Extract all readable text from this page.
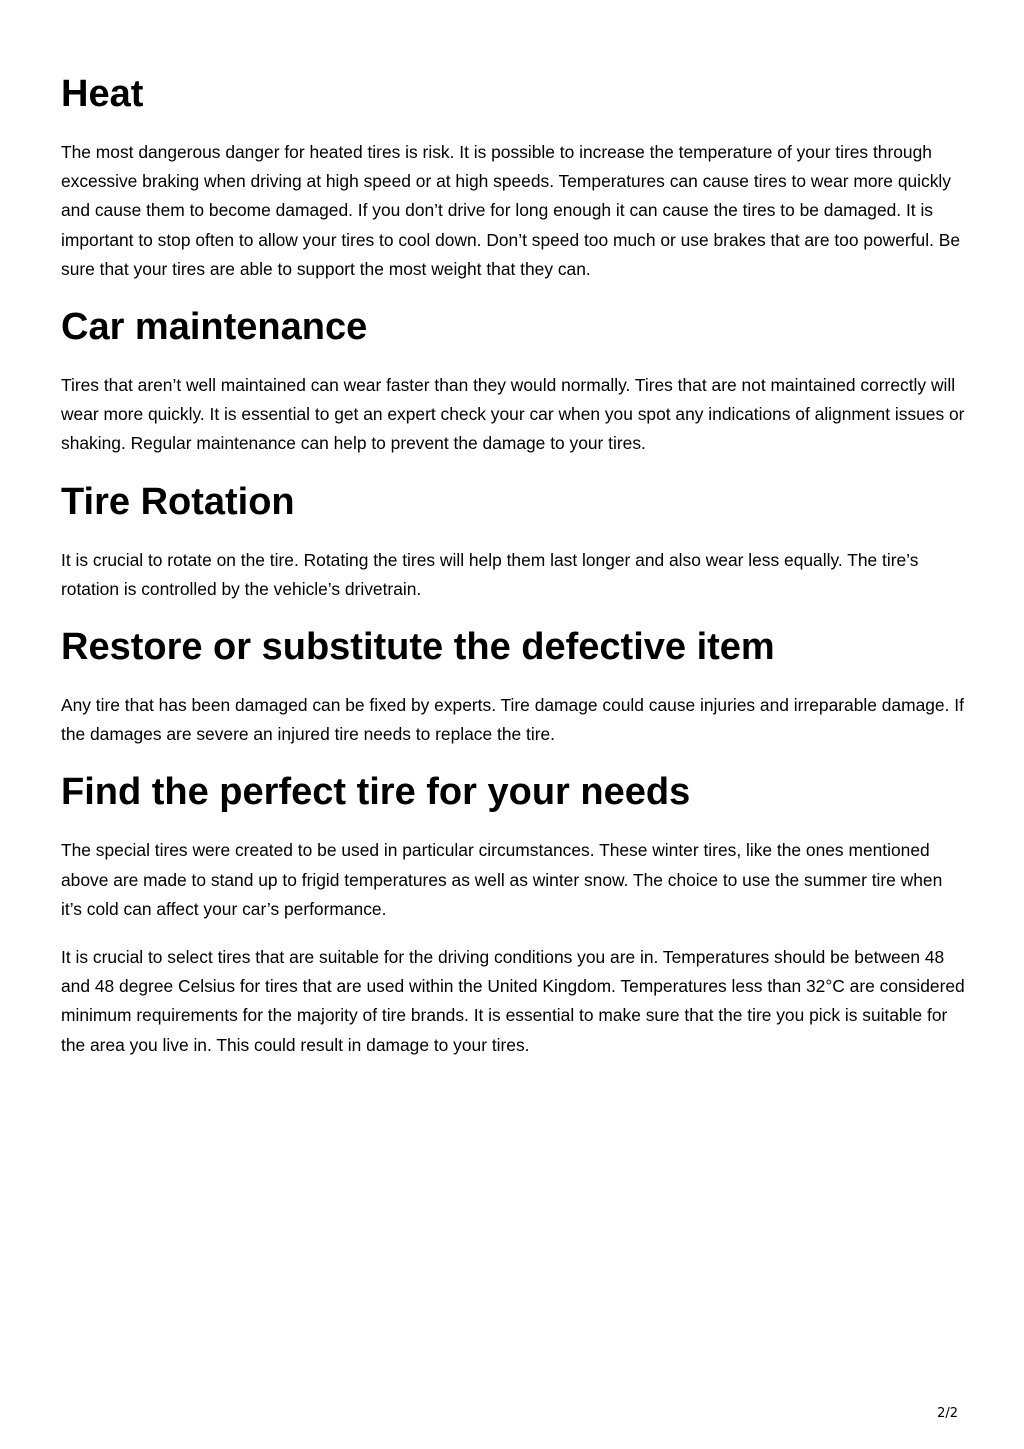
Heat

The most dangerous danger for heated tires is risk. It is possible to increase the temperature of your tires through excessive braking when driving at high speed or at high speeds. Temperatures can cause tires to wear more quickly and cause them to become damaged. If you don’t drive for long enough it can cause the tires to be damaged. It is important to stop often to allow your tires to cool down. Don’t speed too much or use brakes that are too powerful. Be sure that your tires are able to support the most weight that they can.

Car maintenance

Tires that aren’t well maintained can wear faster than they would normally. Tires that are not maintained correctly will wear more quickly. It is essential to get an expert check your car when you spot any indications of alignment issues or shaking. Regular maintenance can help to prevent the damage to your tires.

Tire Rotation

It is crucial to rotate on the tire. Rotating the tires will help them last longer and also wear less equally. The tire’s rotation is controlled by the vehicle’s drivetrain.

Restore or substitute the defective item

Any tire that has been damaged can be fixed by experts. Tire damage could cause injuries and irreparable damage. If the damages are severe an injured tire needs to replace the tire.

Find the perfect tire for your needs

The special tires were created to be used in particular circumstances. These winter tires, like the ones mentioned above are made to stand up to frigid temperatures as well as winter snow. The choice to use the summer tire when it’s cold can affect your car’s performance.

It is crucial to select tires that are suitable for the driving conditions you are in. Temperatures should be between 48 and 48 degree Celsius for tires that are used within the United Kingdom. Temperatures less than 32°C are considered minimum requirements for the majority of tire brands. It is essential to make sure that the tire you pick is suitable for the area you live in. This could result in damage to your tires.

2/2
